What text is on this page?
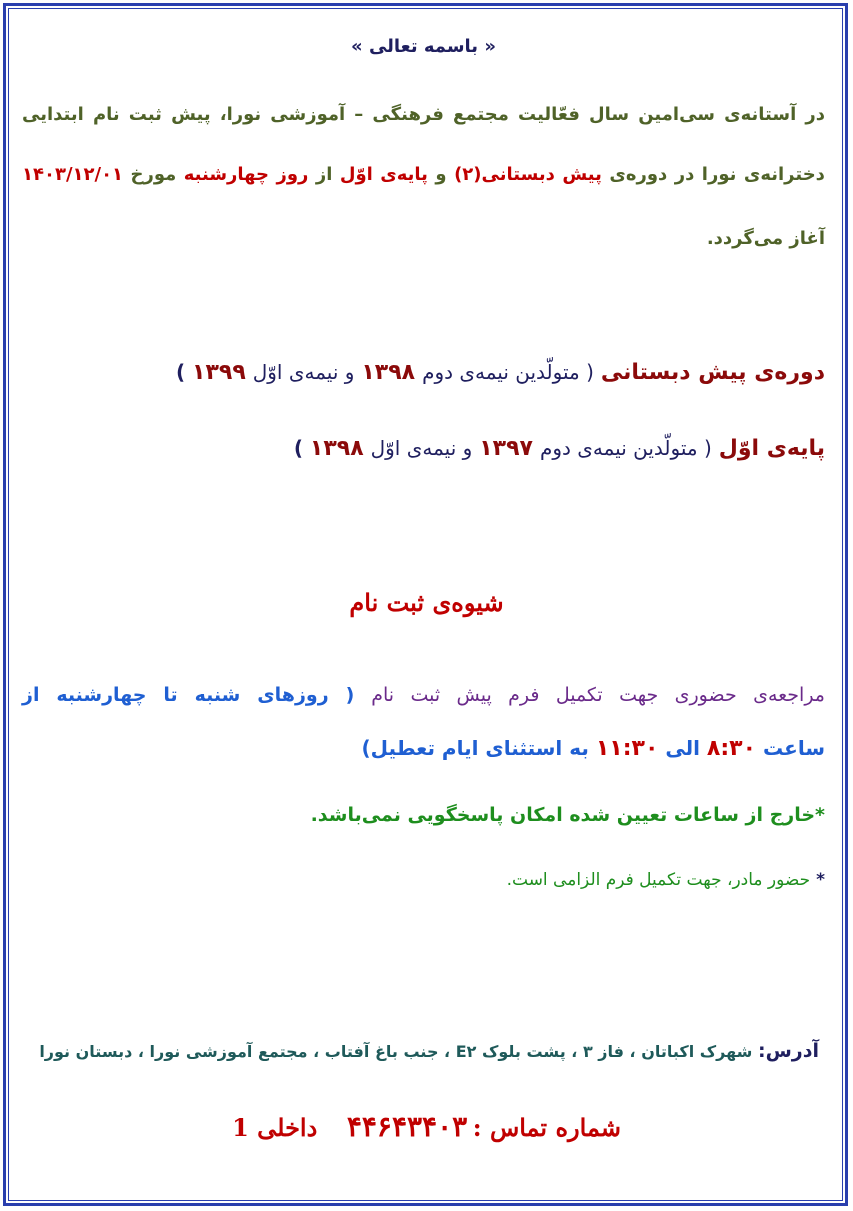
« باسمه تعالی »
در آستانه‌ی سی‌امین سال فعّالیت مجتمع فرهنگی – آموزشی نورا، پیش ثبت نام ابتدایی
دخترانه‌ی نورا در دوره‌ی پیش دبستانی(۲) و پایه‌ی اوّل از روز چهارشنبه مورخ ۱۴۰۳/۱۲/۰۱
آغاز می‌گردد.
دوره‌ی پیش دبستانی ( متولّدین نیمه‌ی دوم ۱۳۹۸ و نیمه‌ی اوّل ۱۳۹۹ )
پایه‌ی اوّل ( متولّدین نیمه‌ی دوم ۱۳۹۷ و نیمه‌ی اوّل ۱۳۹۸ )
شیوه‌ی ثبت نام
مراجعه‌ی حضوری جهت تکمیل فرم پیش ثبت نام ( روزهای شنبه تا چهارشنبه از
ساعت ۸:۳۰ الی ۱۱:۳۰ به استثنای ایام تعطیل)
*خارج از ساعات تعیین شده امکان پاسخگویی نمی‌باشد.
* حضور مادر، جهت تکمیل فرم الزامی است.
آدرس: شهرک اکباتان ، فاز ۳ ، پشت بلوک E۲ ، جنب باغ آفتاب ، مجتمع آموزشی نورا ، دبستان نورا
شماره تماس : ۴۴۶۴۳۴۰۳ داخلی 1
